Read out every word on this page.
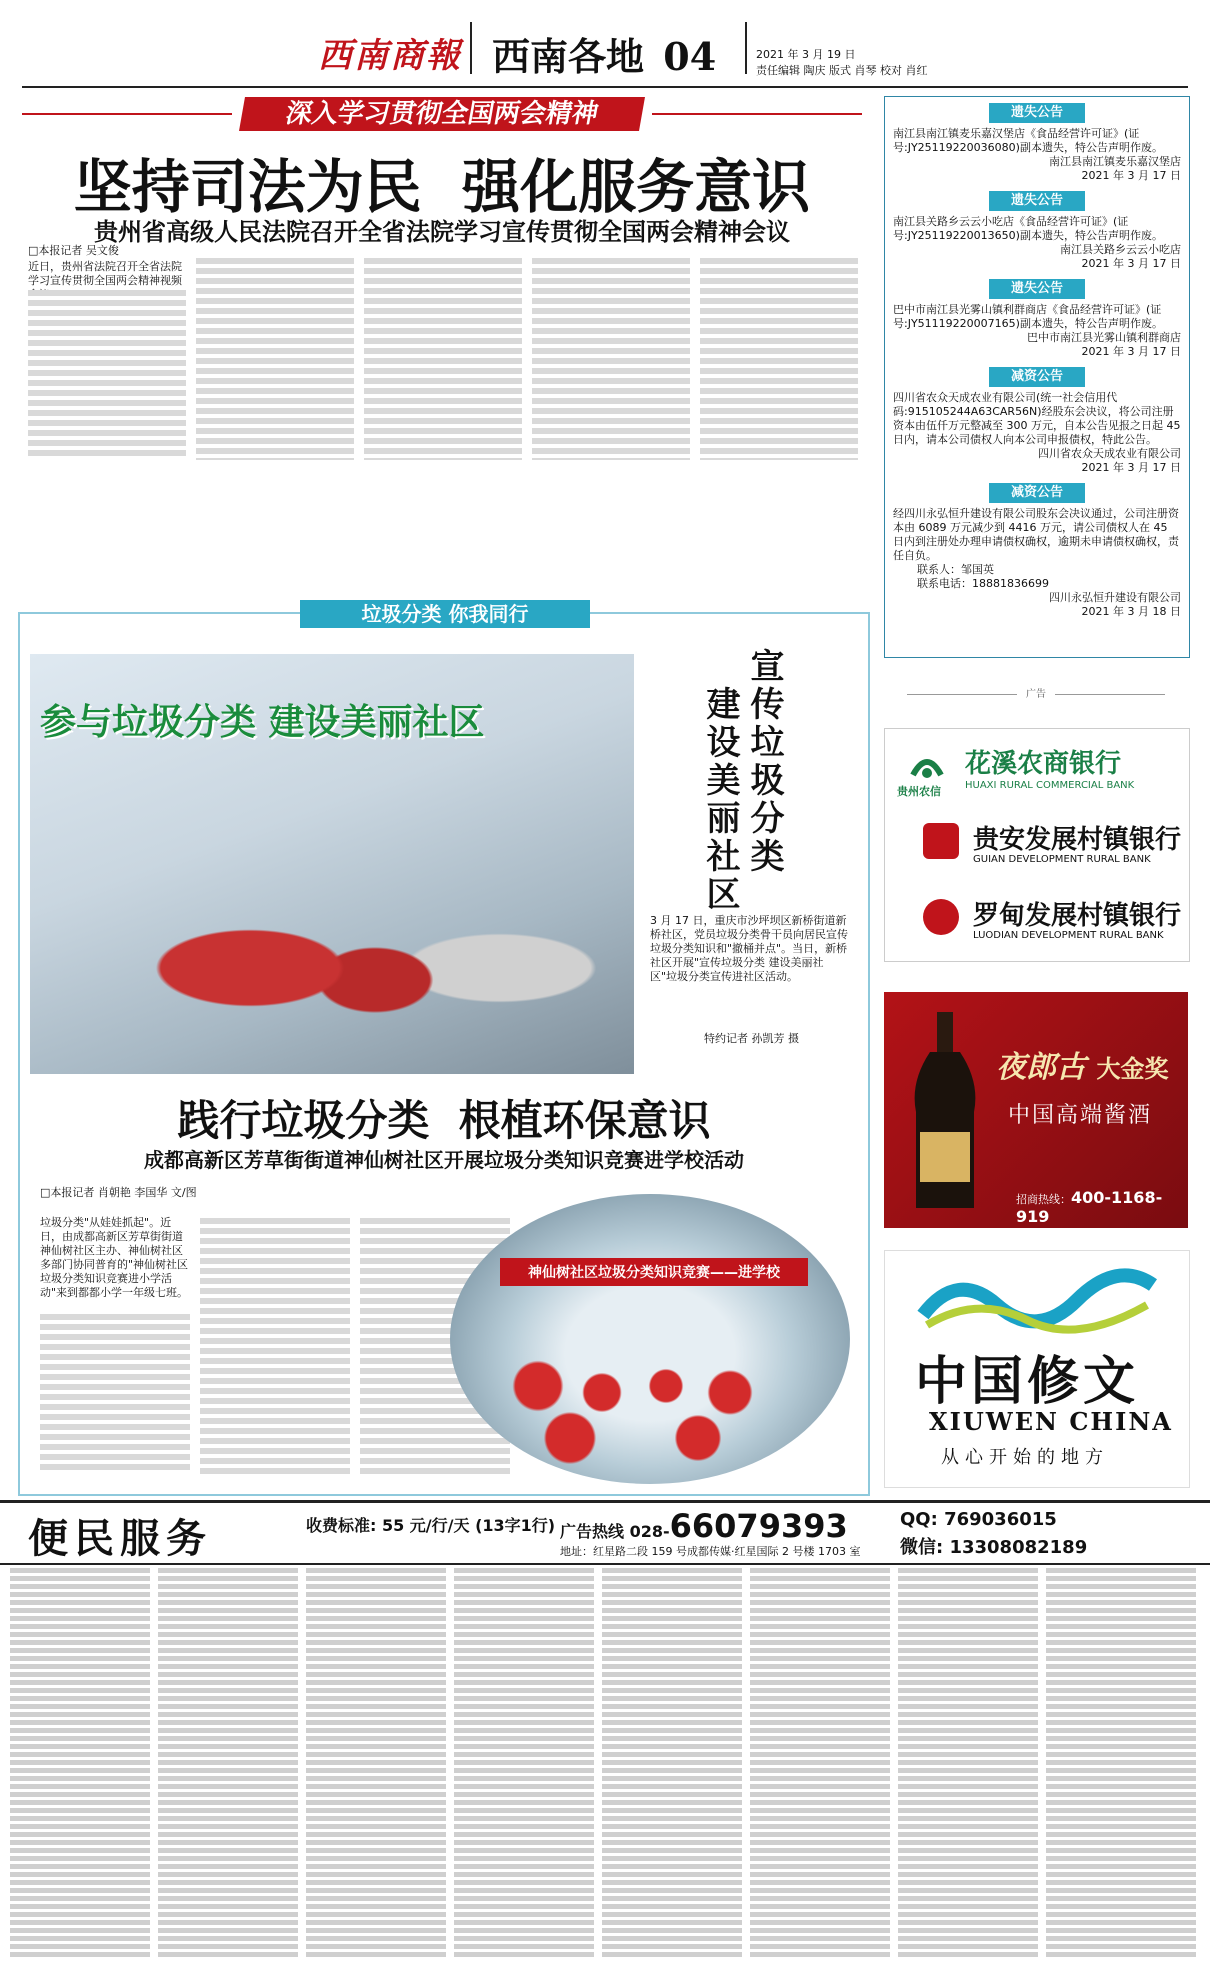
西南商報 西南各地 04	2021 年 3 月 19 日
责任编辑 陶庆 版式 肖琴 校对 肖红
深入学习贯彻全国两会精神
坚持司法为民  强化服务意识
贵州省高级人民法院召开全省法院学习宣传贯彻全国两会精神会议
□本报记者 吴文俊
近日，贵州省法院召开全省法院学习宣传贯彻全国两会精神视频
遗失公告
南江县南江镇麦乐嘉汉堡店《食品经营许可证》(证号:JY25119220036080)副本遗失，特公告声明作废。
南江县南江镇麦乐嘉汉堡店
2021 年 3 月 17 日
遗失公告
南江县关路乡云云小吃店《食品经营许可证》(证号:JY25119220013650)副本遗失，特公告声明作废。
南江县关路乡云云小吃店
2021 年 3 月 17 日
遗失公告
巴中市南江县光雾山镇利群商店《食品经营许可证》(证号:JY51119220007165)副本遗失，特公告声明作废。
巴中市南江县光雾山镇利群商店
2021 年 3 月 17 日
减资公告
四川省农众天成农业有限公司(统一社会信用代码:915105244A63CAR56N)经股东会决议，将公司注册资本由伍仟万元整减至 300 万元，自本公告见报之日起 45 日内，请本公司债权人向本公司申报债权，特此公告。
四川省农众天成农业有限公司
2021 年 3 月 17 日
减资公告
经四川永弘恒升建设有限公司股东会决议通过，公司注册资本由 6089 万元减少到 4416 万元，请公司债权人在 45 日内到注册处办理申请债权确权，逾期未申请债权确权，责任自负。
联系人：邹国英
联系电话：18881836699
四川永弘恒升建设有限公司
2021 年 3 月 18 日
广告
贵州农信
花溪农商银行
HUAXI RURAL COMMERCIAL BANK
贵安发展村镇银行
GUIAN DEVELOPMENT RURAL BANK
罗甸发展村镇银行
LUODIAN DEVELOPMENT RURAL BANK
夜郎古 大金奖
中国高端酱酒
招商热线：400-1168-919
中国修文
XIUWEN CHINA
从心开始的地方
垃圾分类 你我同行
参与垃圾分类 建设美丽社区	宣传垃圾分类
建设美丽社区
3 月 17 日，重庆市沙坪坝区新桥街道新桥社区，党员垃圾分类骨干员向居民宣传垃圾分类知识和"撤桶并点"。当日，新桥社区开展"宣传垃圾分类 建设美丽社区"垃圾分类宣传进社区活动。
特约记者 孙凯芳 摄
践行垃圾分类  根植环保意识
成都高新区芳草街街道神仙树社区开展垃圾分类知识竞赛进学校活动
□本报记者 肖朝艳 李国华 文/图
垃圾分类"从娃娃抓起"。近日，由成都高新区芳草街街道神仙树社区主办、神仙树社区多部门协同普育的"神仙树社区垃圾分类知识竞赛进小学活动"来到都都小学一年级七班。
神仙树社区垃圾分类知识竞赛——进学校
便民服务	收费标准: 55 元/行/天 (13字1行) 广告热线 028-66079393
地址：红星路二段 159 号成都传媒·红星国际 2 号楼 1703 室
QQ: 769036015
微信: 13308082189
